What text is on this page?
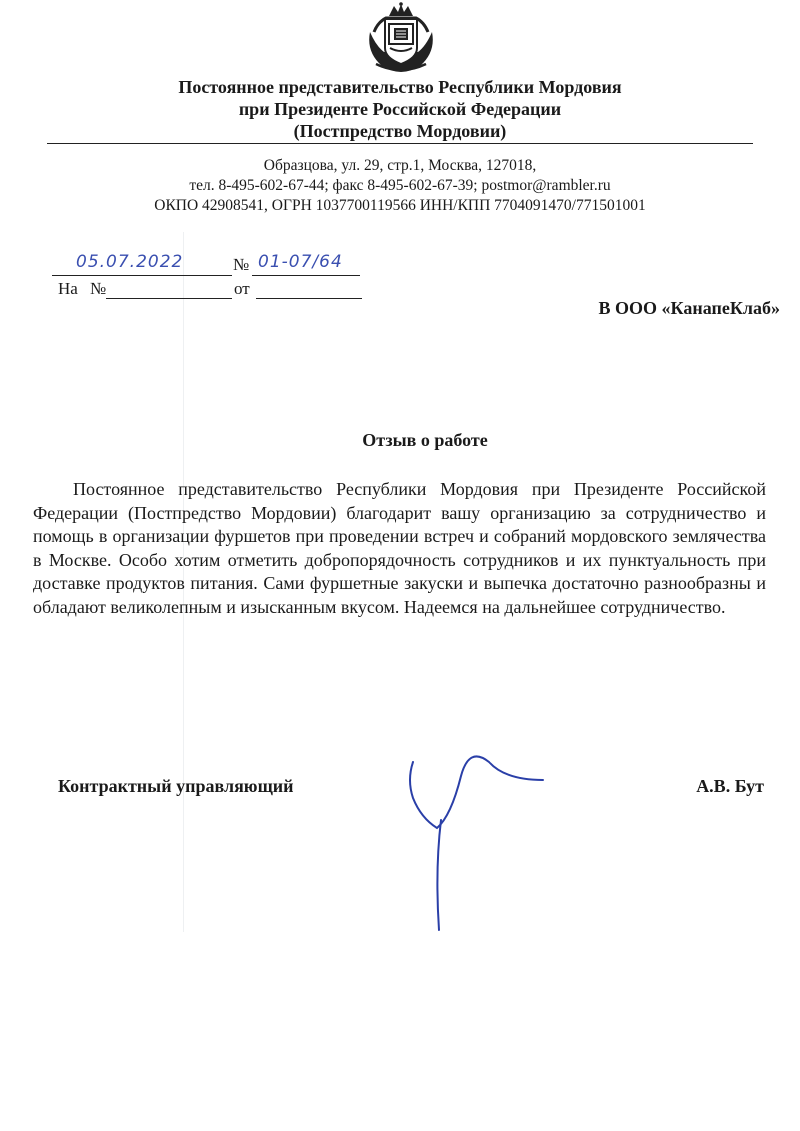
Постоянное представительство Республики Мордовия
при Президенте Российской Федерации
(Постпредство Мордовии)
Образцова, ул. 29, стр.1, Москва, 127018,
тел. 8-495-602-67-44; факс 8-495-602-67-39; postmor@rambler.ru
ОКПО 42908541, ОГРН 1037700119566 ИНН/КПП 7704091470/771501001
05.07.2022	№ 01-07/64
На №	от
В ООО «КанапеКлаб»
Отзыв о работе
Постоянное представительство Республики Мордовия при Президенте Российской Федерации (Постпредство Мордовии) благодарит вашу организацию за сотрудничество и помощь в организации фуршетов при проведении встреч и собраний мордовского землячества в Москве. Особо хотим отметить добропорядочность сотрудников и их пунктуальность при доставке продуктов питания. Сами фуршетные закуски и выпечка достаточно разнообразны и обладают великолепным и изысканным вкусом. Надеемся на дальнейшее сотрудничество.
Контрактный управляющий	А.В. Бут
